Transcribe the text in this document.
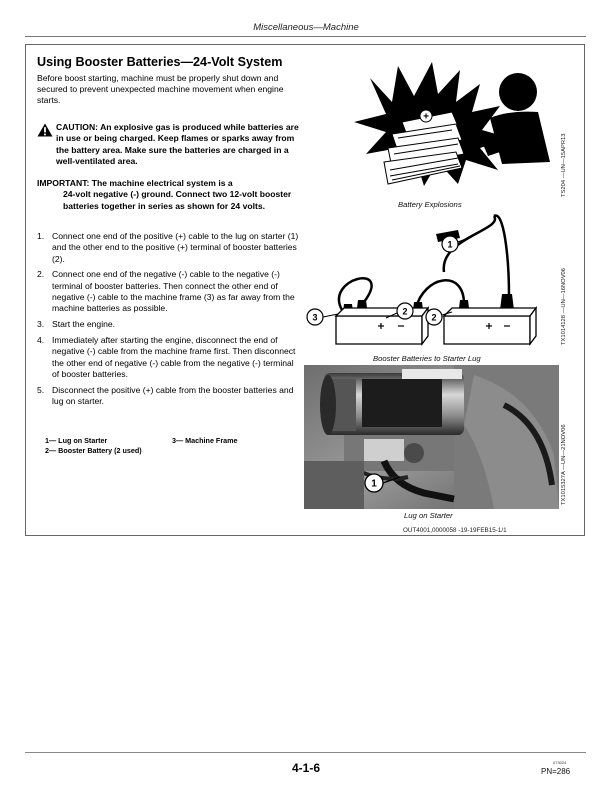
Miscellaneous—Machine
Using Booster Batteries—24-Volt System
Before boost starting, machine must be properly shut down and secured to prevent unexpected machine movement when engine starts.
CAUTION: An explosive gas is produced while batteries are in use or being charged. Keep flames or sparks away from the battery area. Make sure the batteries are charged in a well-ventilated area.
IMPORTANT: The machine electrical system is a
24-volt negative (-) ground. Connect two 12-volt booster batteries together in series as shown for 24 volts.
1. Connect one end of the positive (+) cable to the lug on starter (1) and the other end to the positive (+) terminal of booster batteries (2).
2. Connect one end of the negative (-) cable to the negative (-) terminal of booster batteries. Then connect the other end of negative (-) cable to the machine frame (3) as far away from the machine batteries as possible.
3. Start the engine.
4. Immediately after starting the engine, disconnect the end of negative (-) cable from the machine frame first. Then disconnect the other end of negative (-) cable from the negative (-) terminal of booster batteries.
5. Disconnect the positive (+) cable from the booster batteries and lug on starter.
1— Lug on Starter
2— Booster Battery (2 used)
3— Machine Frame
+
Battery Explosions
TS204 —UN—15APR13
1
2
2
3
Booster Batteries to Starter Lug
TX1014128 —UN—16NOV06
1
Lug on Starter
TX1015327A —UN—21NOV06
OUT4001,0000058 -19-19FEB15-1/1
4-1-6	073024
PN=286
